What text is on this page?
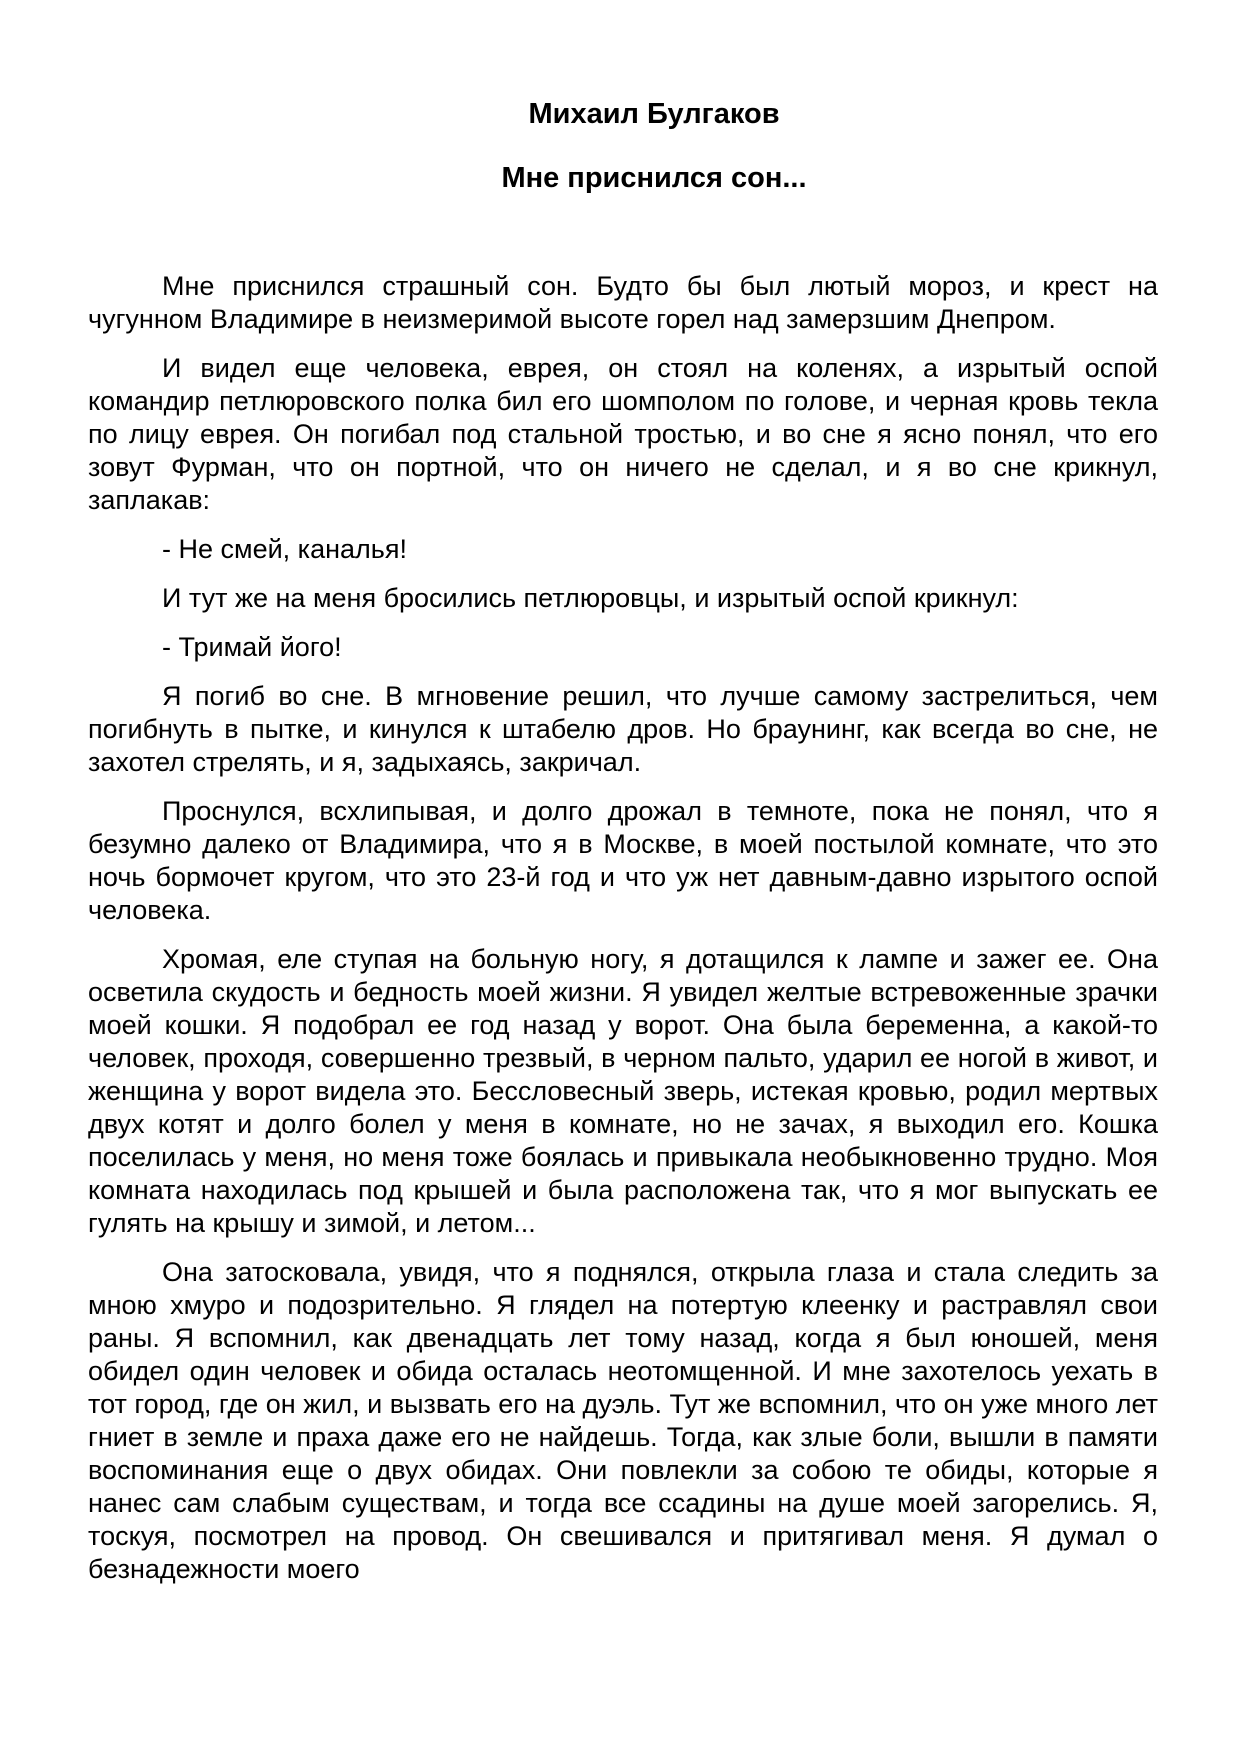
Михаил Булгаков
Мне приснился сон...

Мне приснился страшный сон. Будто бы был лютый мороз, и крест на чугунном Владимире в неизмеримой высоте горел над замерзшим Днепром.

И видел еще человека, еврея, он стоял на коленях, а изрытый оспой командир петлюровского полка бил его шомполом по голове, и черная кровь текла по лицу еврея. Он погибал под стальной тростью, и во сне я ясно понял, что его зовут Фурман, что он портной, что он ничего не сделал, и я во сне крикнул, заплакав:

- Не смей, каналья!

И тут же на меня бросились петлюровцы, и изрытый оспой крикнул:

- Тримай його!

Я погиб во сне. В мгновение решил, что лучше самому застрелиться, чем погибнуть в пытке, и кинулся к штабелю дров. Но браунинг, как всегда во сне, не захотел стрелять, и я, задыхаясь, закричал.

Проснулся, всхлипывая, и долго дрожал в темноте, пока не понял, что я безумно далеко от Владимира, что я в Москве, в моей постылой комнате, что это ночь бормочет кругом, что это 23-й год и что уж нет давным-давно изрытого оспой человека.

Хромая, еле ступая на больную ногу, я дотащился к лампе и зажег ее. Она осветила скудость и бедность моей жизни. Я увидел желтые встревоженные зрачки моей кошки. Я подобрал ее год назад у ворот. Она была беременна, а какой-то человек, проходя, совершенно трезвый, в черном пальто, ударил ее ногой в живот, и женщина у ворот видела это. Бессловесный зверь, истекая кровью, родил мертвых двух котят и долго болел у меня в комнате, но не зачах, я выходил его. Кошка поселилась у меня, но меня тоже боялась и привыкала необыкновенно трудно. Моя комната находилась под крышей и была расположена так, что я мог выпускать ее гулять на крышу и зимой, и летом...

Она затосковала, увидя, что я поднялся, открыла глаза и стала следить за мною хмуро и подозрительно. Я глядел на потертую клеенку и растравлял свои раны. Я вспомнил, как двенадцать лет тому назад, когда я был юношей, меня обидел один человек и обида осталась неотомщенной. И мне захотелось уехать в тот город, где он жил, и вызвать его на дуэль. Тут же вспомнил, что он уже много лет гниет в земле и праха даже его не найдешь. Тогда, как злые боли, вышли в памяти воспоминания еще о двух обидах. Они повлекли за собою те обиды, которые я нанес сам слабым существам, и тогда все ссадины на душе моей загорелись. Я, тоскуя, посмотрел на провод. Он свешивался и притягивал меня. Я думал о безнадежности моего
